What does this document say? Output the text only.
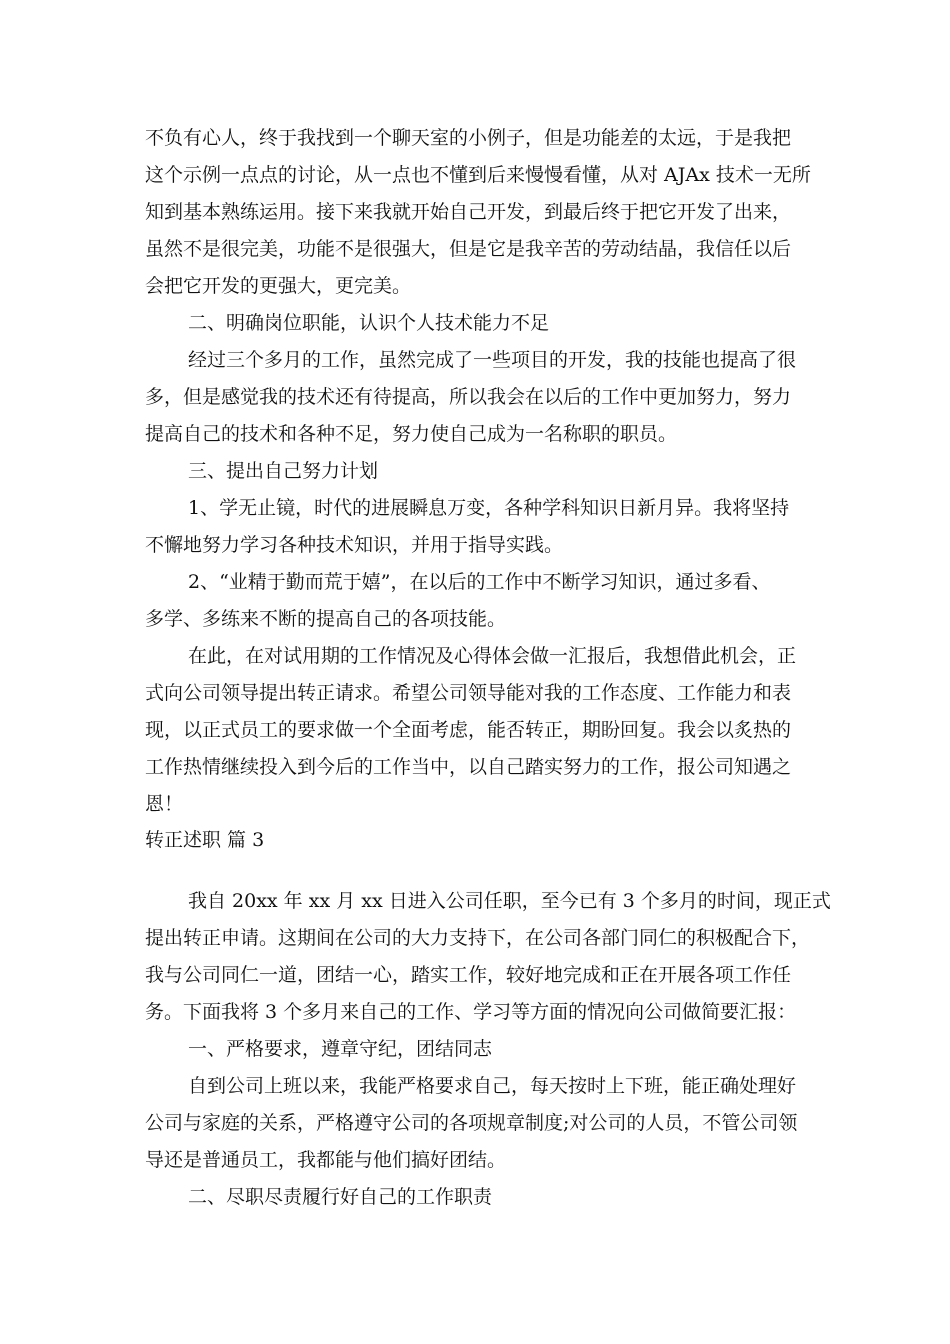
不负有心人，终于我找到一个聊天室的小例子，但是功能差的太远，于是我把
这个示例一点点的讨论，从一点也不懂到后来慢慢看懂，从对 AJAx 技术一无所
知到基本熟练运用。接下来我就开始自己开发，到最后终于把它开发了出来，
虽然不是很完美，功能不是很强大，但是它是我辛苦的劳动结晶，我信任以后
会把它开发的更强大，更完美。
二、明确岗位职能，认识个人技术能力不足
经过三个多月的工作，虽然完成了一些项目的开发，我的技能也提高了很
多，但是感觉我的技术还有待提高，所以我会在以后的工作中更加努力，努力
提高自己的技术和各种不足，努力使自己成为一名称职的职员。
三、提出自己努力计划
1、学无止镜，时代的进展瞬息万变，各种学科知识日新月异。我将坚持
不懈地努力学习各种技术知识，并用于指导实践。
2、“业精于勤而荒于嬉”，在以后的工作中不断学习知识，通过多看、
多学、多练来不断的提高自己的各项技能。
在此，在对试用期的工作情况及心得体会做一汇报后，我想借此机会，正
式向公司领导提出转正请求。希望公司领导能对我的工作态度、工作能力和表
现，以正式员工的要求做一个全面考虑，能否转正，期盼回复。我会以炙热的
工作热情继续投入到今后的工作当中，以自己踏实努力的工作，报公司知遇之
恩！
转正述职 篇 3
我自 20xx 年 xx 月 xx 日进入公司任职，至今已有 3 个多月的时间，现正式
提出转正申请。这期间在公司的大力支持下，在公司各部门同仁的积极配合下，
我与公司同仁一道，团结一心，踏实工作，较好地完成和正在开展各项工作任
务。下面我将 3 个多月来自己的工作、学习等方面的情况向公司做简要汇报：
一、严格要求，遵章守纪，团结同志
自到公司上班以来，我能严格要求自己，每天按时上下班，能正确处理好
公司与家庭的关系，严格遵守公司的各项规章制度;对公司的人员，不管公司领
导还是普通员工，我都能与他们搞好团结。
二、尽职尽责履行好自己的工作职责
